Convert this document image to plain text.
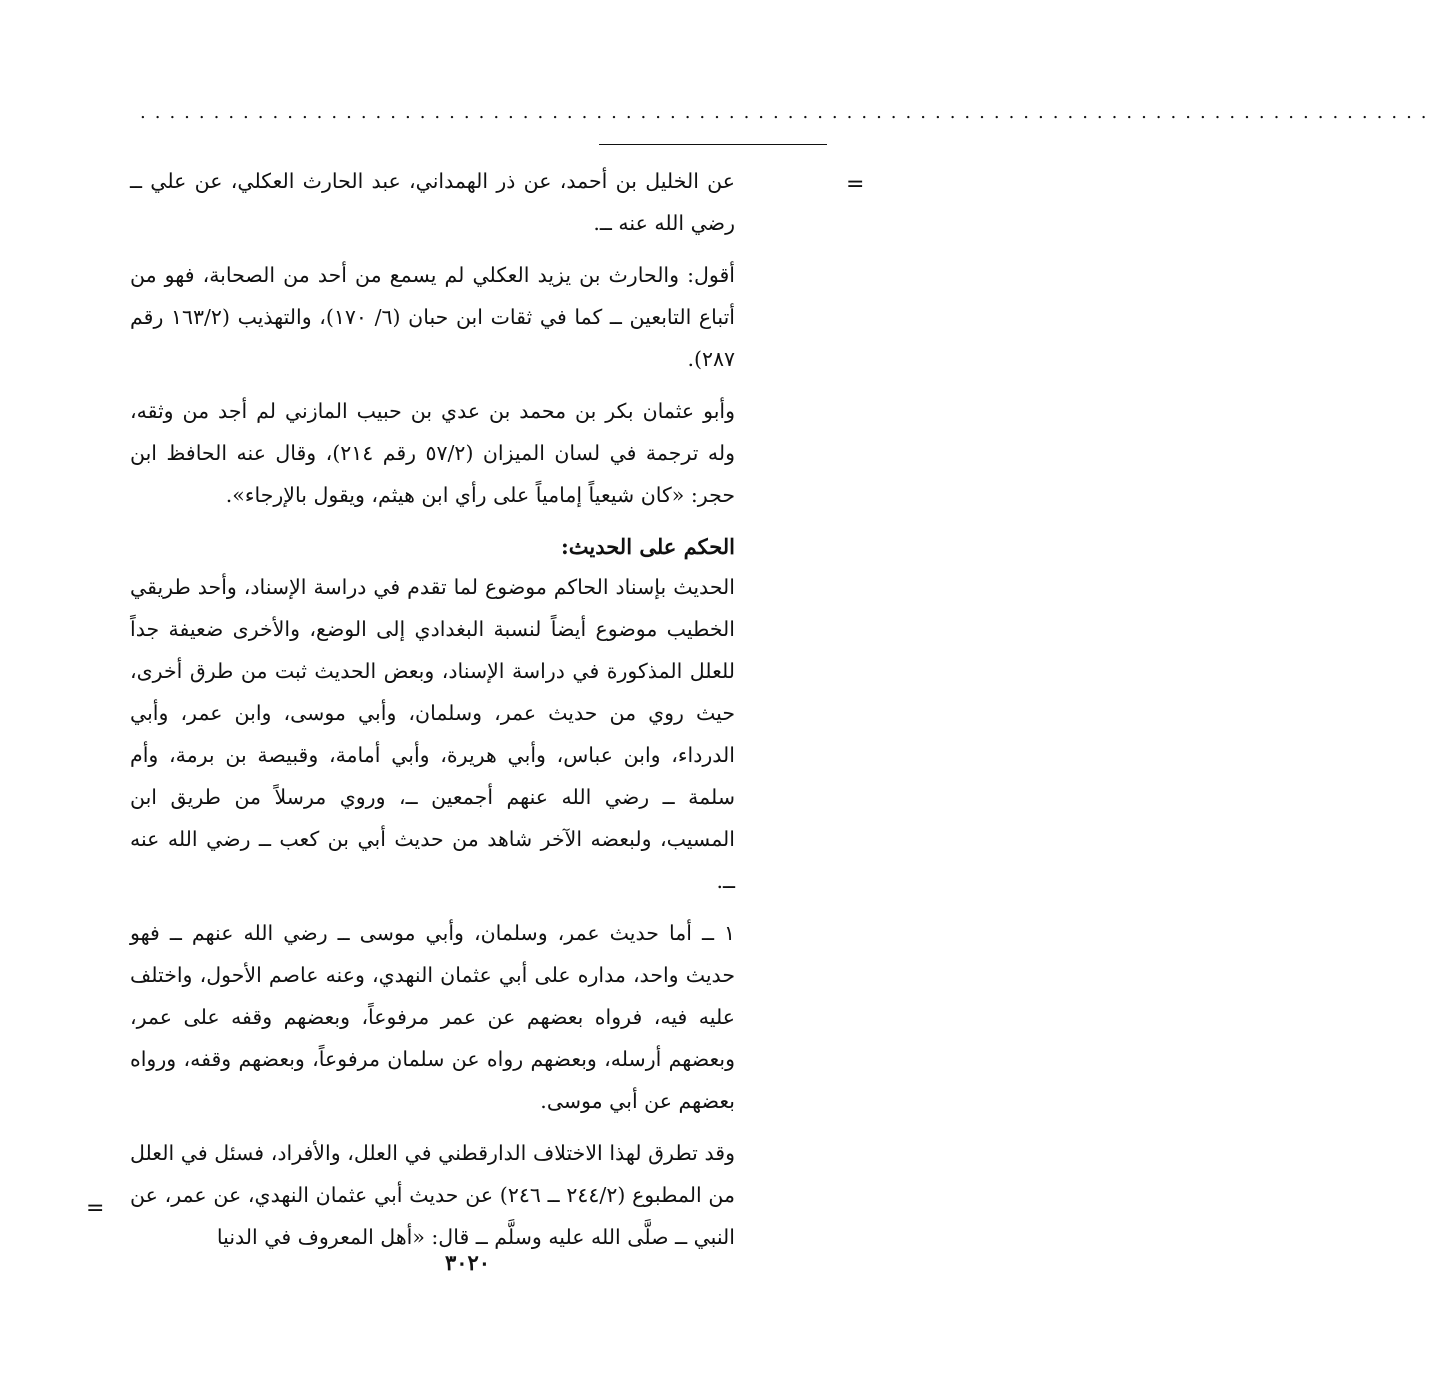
........................................................................................
=

عن الخليل بن أحمد، عن ذر الهمداني، عبد الحارث العكلي، عن علي ــ رضي الله عنه ــ.

أقول: والحارث بن يزيد العكلي لم يسمع من أحد من الصحابة، فهو من أتباع التابعين ــ كما في ثقات ابن حبان (٦/ ١٧٠)، والتهذيب (١٦٣/٢ رقم ٢٨٧).

وأبو عثمان بكر بن محمد بن عدي بن حبيب المازني لم أجد من وثقه، وله ترجمة في لسان الميزان (٥٧/٢ رقم ٢١٤)، وقال عنه الحافظ ابن حجر: «كان شيعياً إمامياً على رأي ابن هيثم، ويقول بالإرجاء».

الحكم على الحديث:

الحديث بإسناد الحاكم موضوع لما تقدم في دراسة الإسناد، وأحد طريقي الخطيب موضوع أيضاً لنسبة البغدادي إلى الوضع، والأخرى ضعيفة جداً للعلل المذكورة في دراسة الإسناد، وبعض الحديث ثبت من طرق أخرى، حيث روي من حديث عمر، وسلمان، وأبي موسى، وابن عمر، وأبي الدرداء، وابن عباس، وأبي هريرة، وأبي أمامة، وقبيصة بن برمة، وأم سلمة ــ رضي الله عنهم أجمعين ــ، وروي مرسلاً من طريق ابن المسيب، ولبعضه الآخر شاهد من حديث أبي بن كعب ــ رضي الله عنه ــ.

١ ــ أما حديث عمر، وسلمان، وأبي موسى ــ رضي الله عنهم ــ فهو حديث واحد، مداره على أبي عثمان النهدي، وعنه عاصم الأحول، واختلف عليه فيه، فرواه بعضهم عن عمر مرفوعاً، وبعضهم وقفه على عمر، وبعضهم أرسله، وبعضهم رواه عن سلمان مرفوعاً، وبعضهم وقفه، ورواه بعضهم عن أبي موسى.

وقد تطرق لهذا الاختلاف الدارقطني في العلل، والأفراد، فسئل في العلل من المطبوع (٢٤٤/٢ ــ ٢٤٦) عن حديث أبي عثمان النهدي، عن عمر، عن النبي ــ صلَّى الله عليه وسلَّم ــ قال: «أهل المعروف في الدنيا

=
٣٠٢٠
